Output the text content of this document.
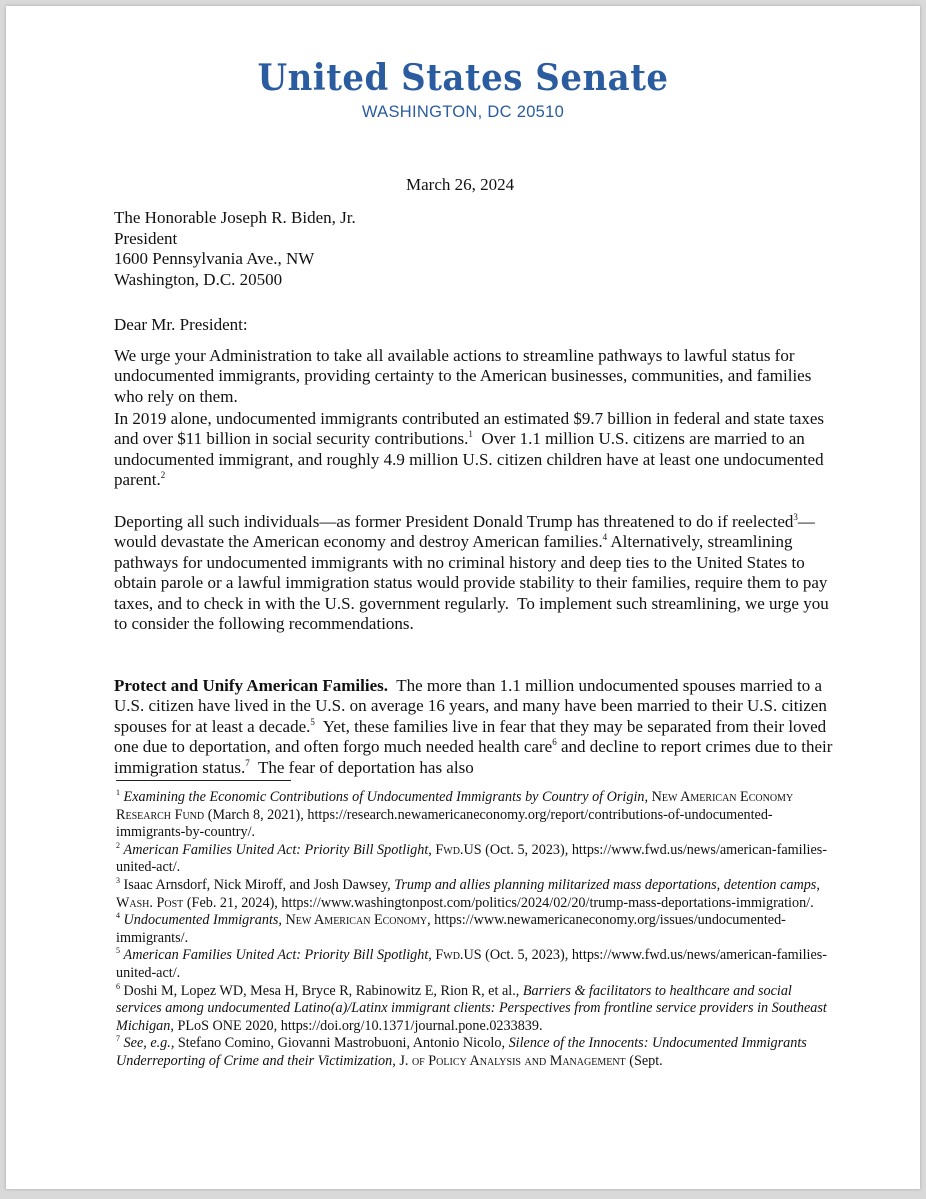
United States Senate
WASHINGTON, DC 20510
March 26, 2024
The Honorable Joseph R. Biden, Jr.
President
1600 Pennsylvania Ave., NW
Washington, D.C. 20500
Dear Mr. President:

We urge your Administration to take all available actions to streamline pathways to lawful status for undocumented immigrants, providing certainty to the American businesses, communities, and families who rely on them.

In 2019 alone, undocumented immigrants contributed an estimated $9.7 billion in federal and state taxes and over $11 billion in social security contributions.$^1$  Over 1.1 million U.S. citizens are married to an undocumented immigrant, and roughly 4.9 million U.S. citizen children have at least one undocumented parent.$^2$

Deporting all such individuals—as former President Donald Trump has threatened to do if reelected$^3$—would devastate the American economy and destroy American families.$^4$ Alternatively, streamlining pathways for undocumented immigrants with no criminal history and deep ties to the United States to obtain parole or a lawful immigration status would provide stability to their families, require them to pay taxes, and to check in with the U.S. government regularly.  To implement such streamlining, we urge you to consider the following recommendations.

Protect and Unify American Families.  The more than 1.1 million undocumented spouses married to a U.S. citizen have lived in the U.S. on average 16 years, and many have been married to their U.S. citizen spouses for at least a decade.$^5$  Yet, these families live in fear that they may be separated from their loved one due to deportation, and often forgo much needed health care$^6$ and decline to report crimes due to their immigration status.$^7$  The fear of deportation has also

$^1$ Examining the Economic Contributions of Undocumented Immigrants by Country of Origin, New American Economy Research Fund (March 8, 2021), https://research.newamericaneconomy.org/report/contributions-of-undocumented-immigrants-by-country/.

$^2$ American Families United Act: Priority Bill Spotlight, Fwd.US (Oct. 5, 2023), https://www.fwd.us/news/american-families-united-act/.

$^3$ Isaac Arnsdorf, Nick Miroff, and Josh Dawsey, Trump and allies planning militarized mass deportations, detention camps, Wash. Post (Feb. 21, 2024), https://www.washingtonpost.com/politics/2024/02/20/trump-mass-deportations-immigration/.

$^4$ Undocumented Immigrants, New American Economy, https://www.newamericaneconomy.org/issues/undocumented-immigrants/.

$^5$ American Families United Act: Priority Bill Spotlight, Fwd.US (Oct. 5, 2023), https://www.fwd.us/news/american-families-united-act/.

$^6$ Doshi M, Lopez WD, Mesa H, Bryce R, Rabinowitz E, Rion R, et al., Barriers & facilitators to healthcare and social services among undocumented Latino(a)/Latinx immigrant clients: Perspectives from frontline service providers in Southeast Michigan, PLoS ONE 2020, https://doi.org/10.1371/journal.pone.0233839.

$^7$ See, e.g., Stefano Comino, Giovanni Mastrobuoni, Antonio Nicolo, Silence of the Innocents: Undocumented Immigrants Underreporting of Crime and their Victimization, J. of Policy Analysis and Management (Sept.
